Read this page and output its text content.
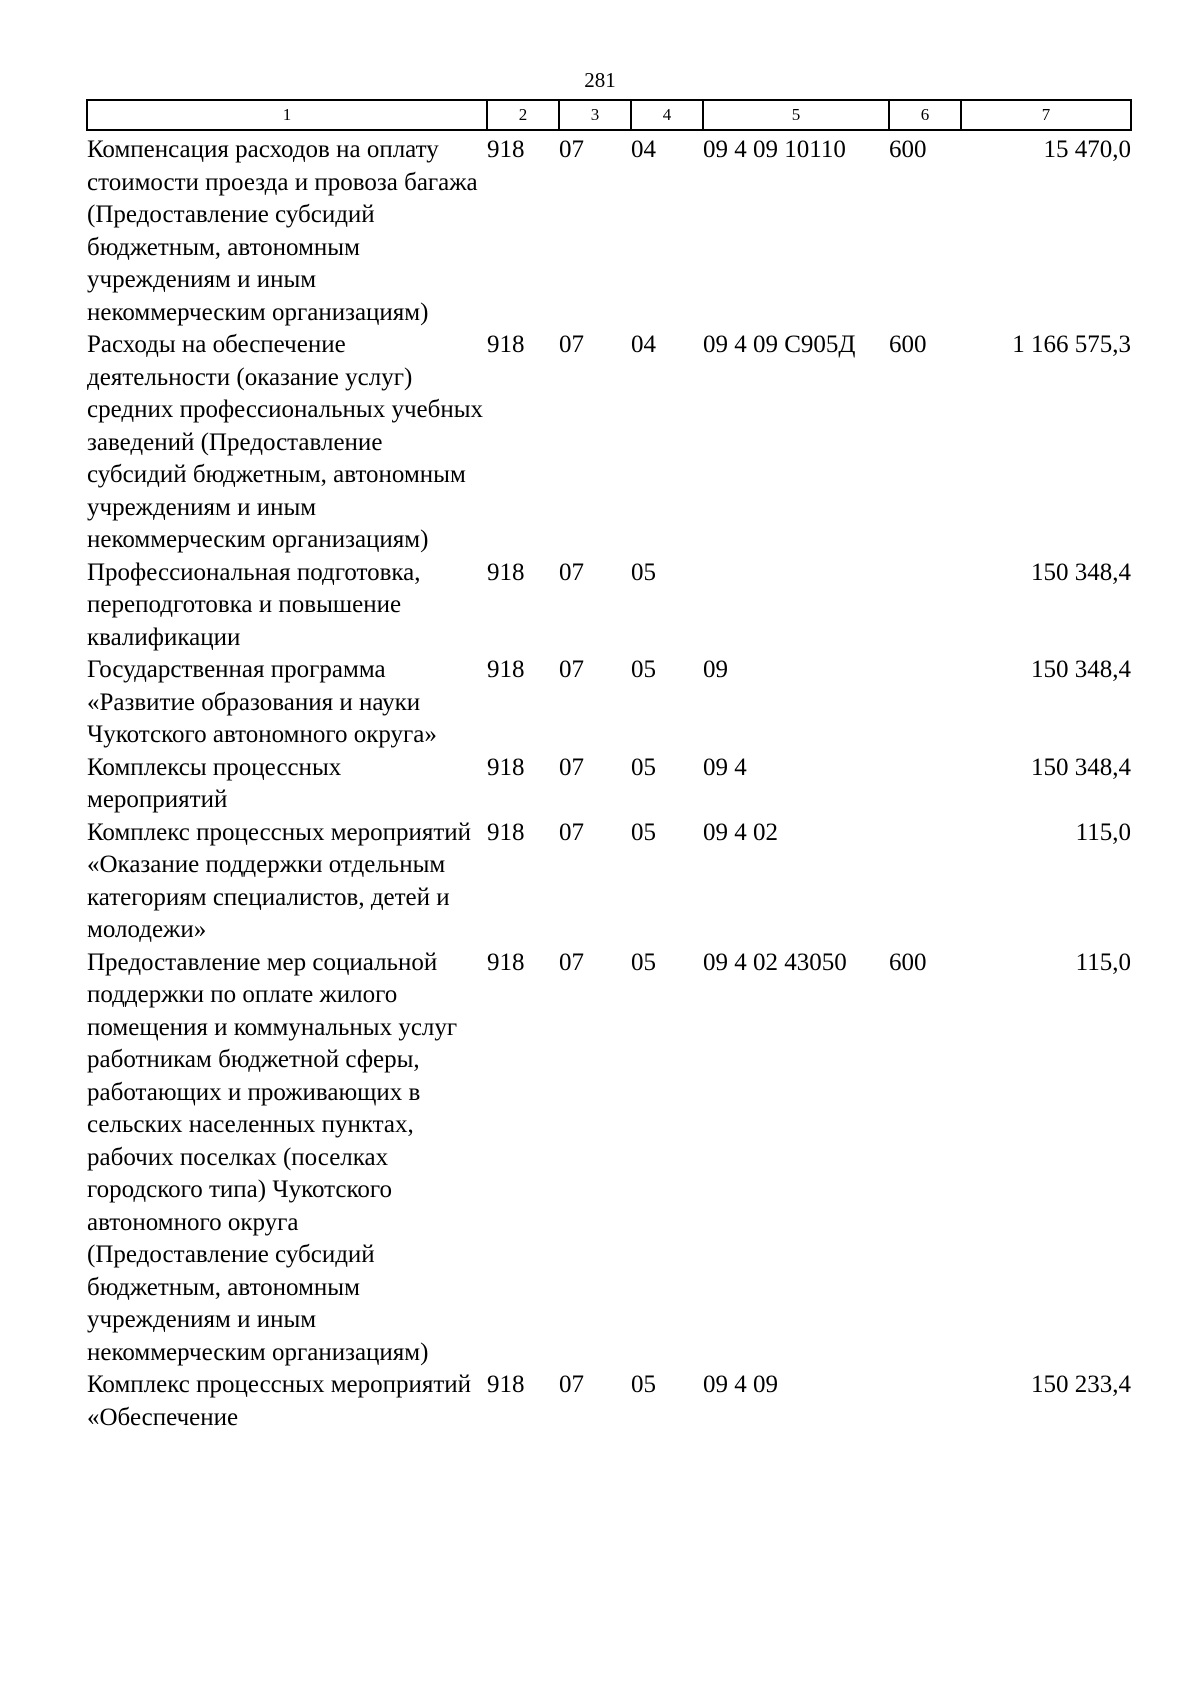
281
1	2	3	4	5	6	7
Компенсация расходов на оплату стоимости проезда и провоза багажа (Предоставление субсидий бюджетным, автономным учреждениям и иным некоммерческим организациям)	918	07	04	09 4 09 10110	600	15 470,0
Расходы на обеспечение деятельности (оказание услуг) средних профессиональных учебных заведений (Предоставление субсидий бюджетным, автономным учреждениям и иным некоммерческим организациям)	918	07	04	09 4 09 С905Д	600	1 166 575,3
Профессиональная подготовка, переподготовка и повышение квалификации	918	07	05			150 348,4
Государственная программа «Развитие образования и науки Чукотского автономного округа»	918	07	05	09		150 348,4
Комплексы процессных мероприятий	918	07	05	09 4		150 348,4
Комплекс процессных мероприятий «Оказание поддержки отдельным категориям специалистов, детей и молодежи»	918	07	05	09 4 02		115,0
Предоставление мер социальной поддержки по оплате жилого помещения и коммунальных услуг работникам бюджетной сферы, работающих и проживающих в сельских населенных пунктах, рабочих поселках (поселках городского типа) Чукотского автономного округа (Предоставление субсидий бюджетным, автономным учреждениям и иным некоммерческим организациям)	918	07	05	09 4 02 43050	600	115,0
Комплекс процессных мероприятий «Обеспечение	918	07	05	09 4 09		150 233,4
